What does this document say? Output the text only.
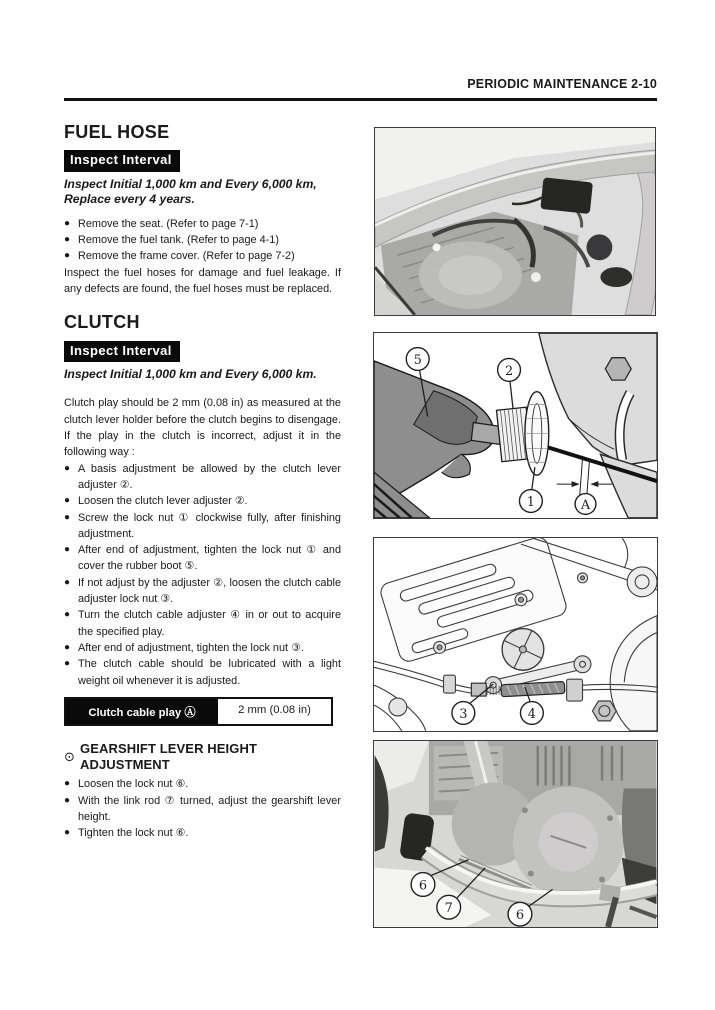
PERIODIC MAINTENANCE 2-10
FUEL HOSE
Inspect Interval
Inspect Initial 1,000 km and Every 6,000 km,
Replace every 4 years.
● Remove the seat. (Refer to page 7-1)
● Remove the fuel tank. (Refer to page 4-1)
● Remove the frame cover. (Refer to page 7-2)

Inspect the fuel hoses for damage and fuel leakage. If any defects are found, the fuel hoses must be replaced.

CLUTCH
Inspect Interval
Inspect Initial 1,000 km and Every 6,000 km.

Clutch play should be 2 mm (0.08 in) as measured at the clutch lever holder before the clutch begins to disengage. If the play in the clutch is incorrect, adjust it in the following way :

● A basis adjustment be allowed by the clutch lever adjuster ②.
● Loosen the clutch lever adjuster ②.
● Screw the lock nut ① clockwise fully, after finishing adjustment.
● After end of adjustment, tighten the lock nut ① and cover the rubber boot ⑤.
● If not adjust by the adjuster ②, loosen the clutch cable adjuster lock nut ③.
● Turn the clutch cable adjuster ④ in or out to acquire the specified play.
● After end of adjustment, tighten the lock nut ③.
● The clutch cable should be lubricated with a light weight oil whenever it is adjusted.
Clutch cable play Ⓐ	2 mm (0.08 in)
⊙
GEARSHIFT LEVER HEIGHT ADJUSTMENT
● Loosen the lock nut ⑥.
● With the link rod ⑦ turned, adjust the gearshift lever height.
● Tighten the lock nut ⑥.
5
2
1	A
3	4
6
7	6
